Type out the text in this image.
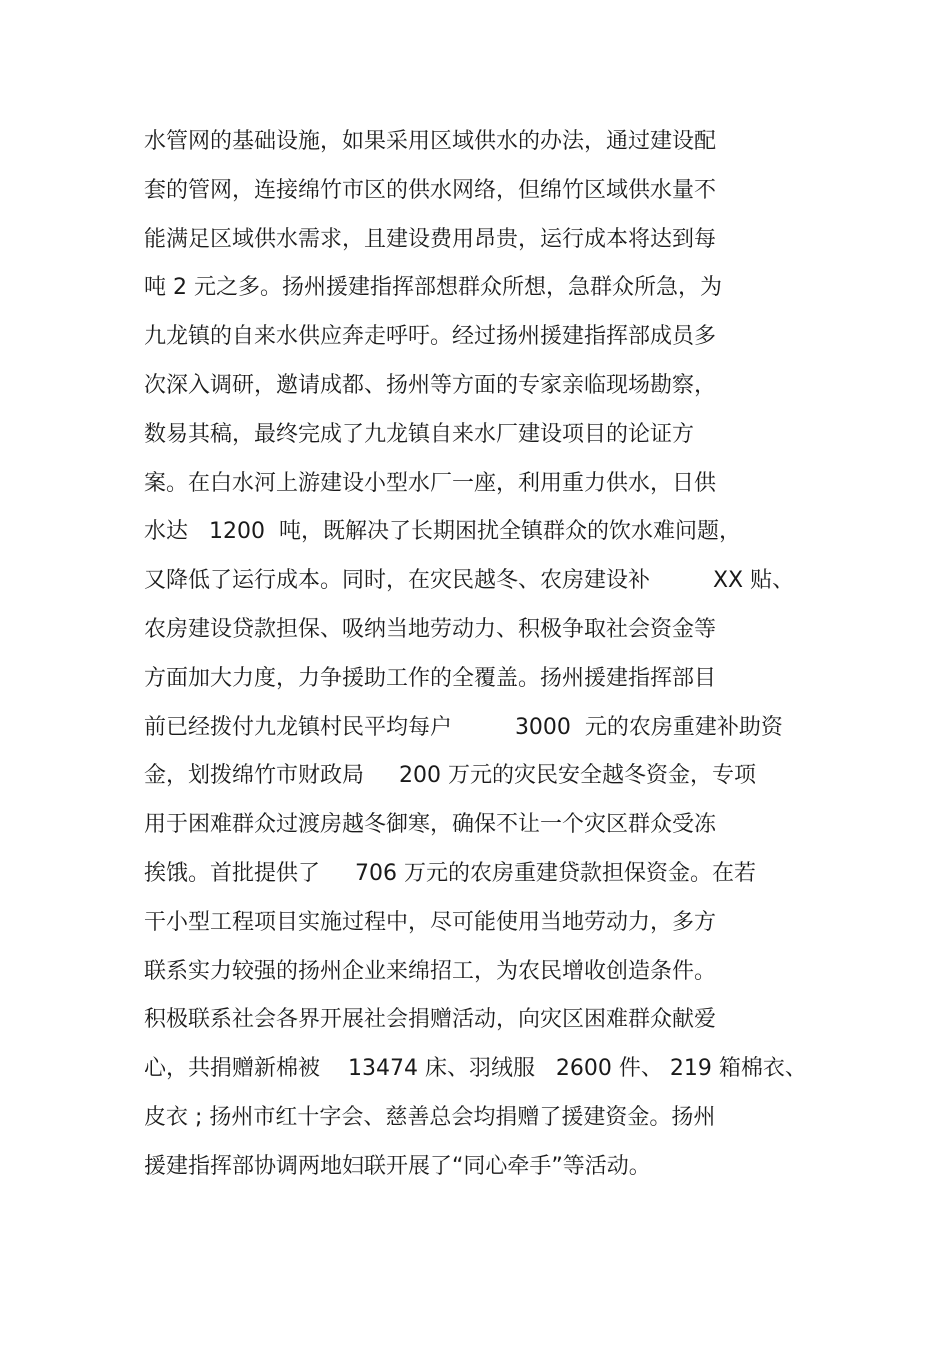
水管网的基础设施，如果采用区域供水的办法，通过建设配
套的管网，连接绵竹市区的供水网络，但绵竹区域供水量不
能满足区域供水需求，且建设费用昂贵，运行成本将达到每
吨 2 元之多。扬州援建指挥部想群众所想，急群众所急，为
九龙镇的自来水供应奔走呼吁。经过扬州援建指挥部成员多
次深入调研，邀请成都、扬州等方面的专家亲临现场勘察，
数易其稿，最终完成了九龙镇自来水厂建设项目的论证方
案。在白水河上游建设小型水厂一座，利用重力供水，日供
水达   1200  吨，既解决了长期困扰全镇群众的饮水难问题，
又降低了运行成本。同时，在灾民越冬、农房建设补         XX 贴、
农房建设贷款担保、吸纳当地劳动力、积极争取社会资金等
方面加大力度，力争援助工作的全覆盖。扬州援建指挥部目
前已经拨付九龙镇村民平均每户         3000  元的农房重建补助资
金，划拨绵竹市财政局     200 万元的灾民安全越冬资金，专项
用于困难群众过渡房越冬御寒，确保不让一个灾区群众受冻
挨饿。首批提供了     706 万元的农房重建贷款担保资金。在若
干小型工程项目实施过程中，尽可能使用当地劳动力，多方
联系实力较强的扬州企业来绵招工，为农民增收创造条件。
积极联系社会各界开展社会捐赠活动，向灾区困难群众献爱
心，共捐赠新棉被    13474 床、羽绒服   2600 件、 219 箱棉衣、
皮衣 ; 扬州市红十字会、慈善总会均捐赠了援建资金。扬州
援建指挥部协调两地妇联开展了“同心牵手”等活动。
